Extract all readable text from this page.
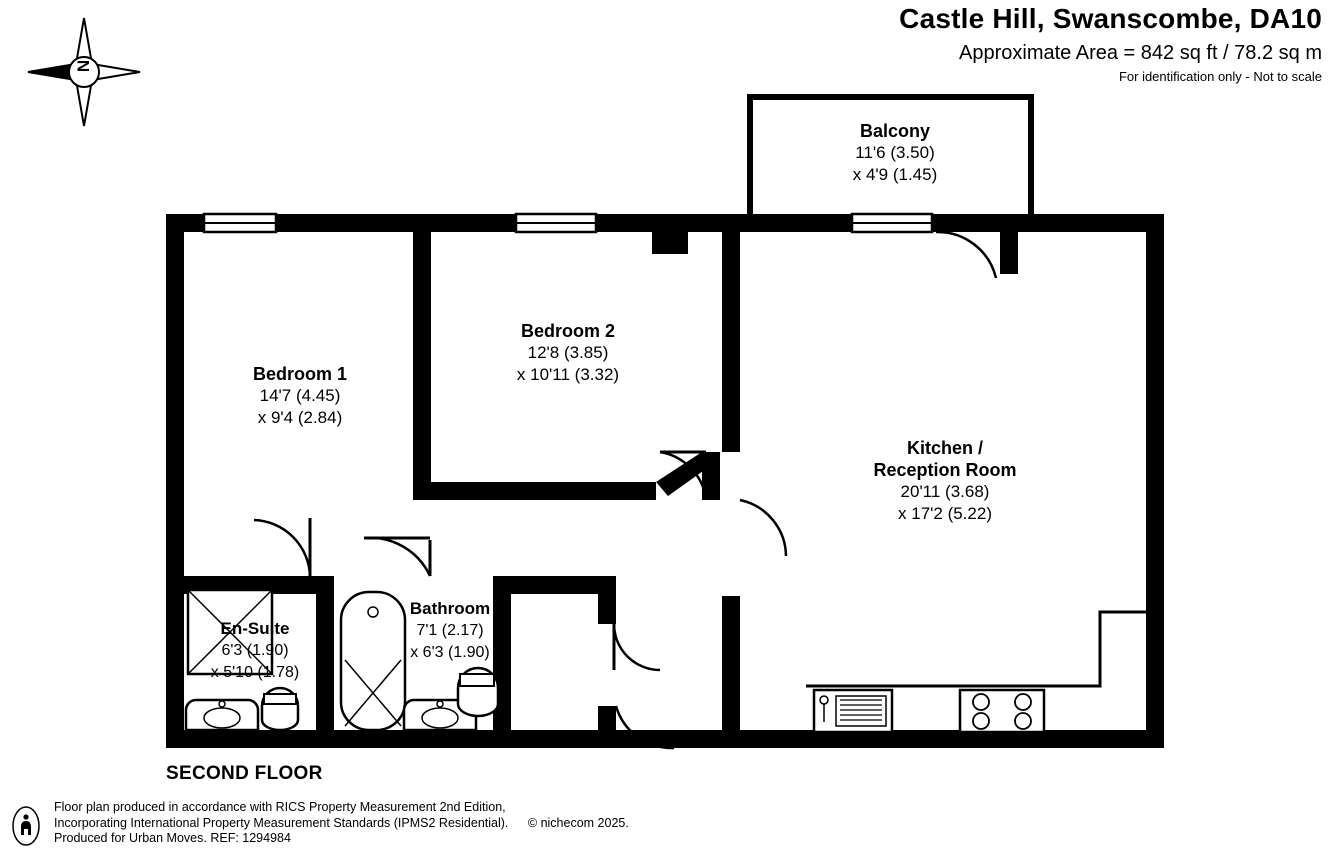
N
Castle Hill, Swanscombe, DA10
Approximate Area = 842 sq ft / 78.2 sq m
For identification only - Not to scale
Balcony
11'6 (3.50)
x 4'9 (1.45)
Bedroom 1
14'7 (4.45)
x 9'4 (2.84)
Bedroom 2
12'8 (3.85)
x 10'11 (3.32)
Kitchen /
Reception Room
20'11 (3.68)
x 17'2 (5.22)
En-Suite
6'3 (1.90)
x 5'10 (1.78)
Bathroom
7'1 (2.17)
x 6'3 (1.90)
SECOND FLOOR
Floor plan produced in accordance with RICS Property Measurement 2nd Edition,
Incorporating International Property Measurement Standards (IPMS2 Residential). © nichecom 2025.
Produced for Urban Moves. REF: 1294984
